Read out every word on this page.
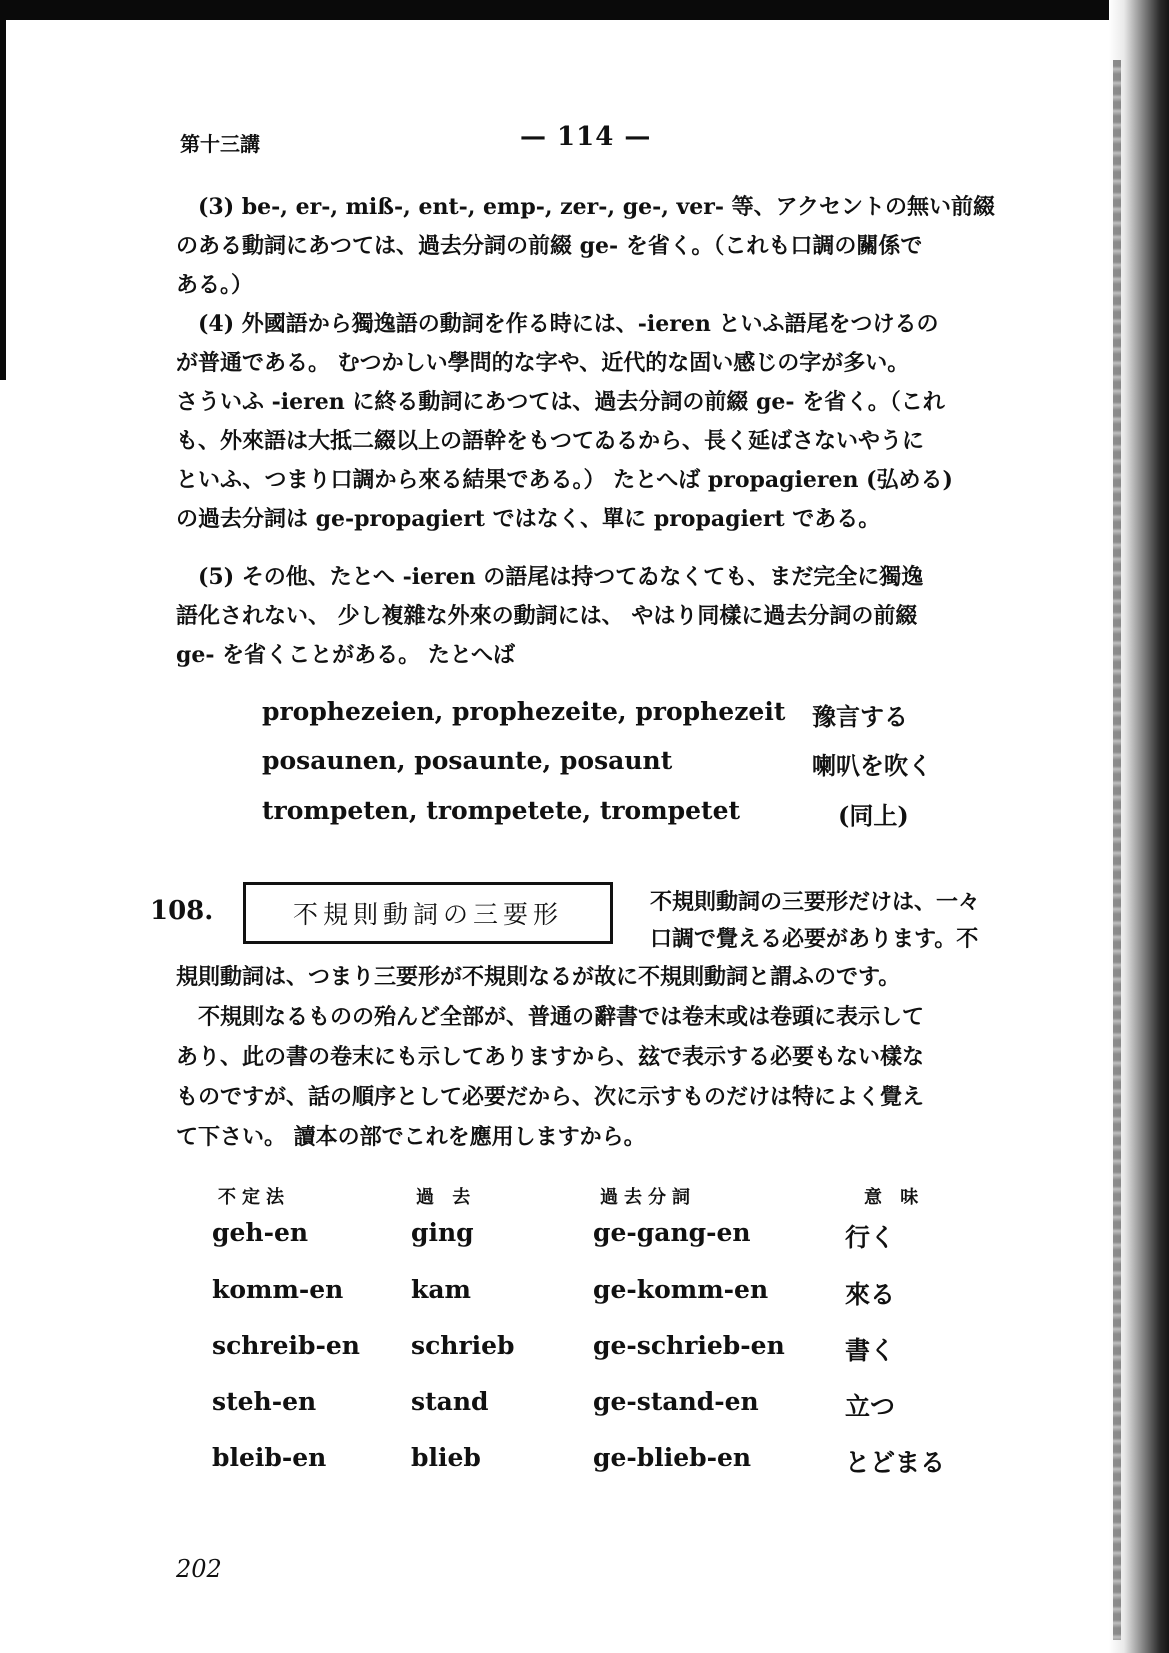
第十三講	— 114 —

(3) be-, er-, miß-, ent-, emp-, zer-, ge-, ver- 等、アクセントの無い前綴

のある動詞にあつては、過去分詞の前綴 ge- を省く。（これも口調の關係で

ある。）

(4) 外國語から獨逸語の動詞を作る時には、-ieren といふ語尾をつけるの

が普通である。 むつかしい學問的な字や、近代的な固い感じの字が多い。

さういふ -ieren に終る動詞にあつては、過去分詞の前綴 ge- を省く。（これ

も、外來語は大抵二綴以上の語幹をもつてゐるから、長く延ばさないやうに

といふ、つまり口調から來る結果である。） たとへば propagieren (弘める)

の過去分詞は ge-propagiert ではなく、單に propagiert である。

(5) その他、たとへ -ieren の語尾は持つてゐなくても、まだ完全に獨逸

語化されない、 少し複雜な外來の動詞には、 やはり同樣に過去分詞の前綴

ge- を省くことがある。 たとへば

prophezeien, prophezeite, prophezeit 豫言する
posaunen, posaunte, posaunt	喇叭を吹く
trompeten, trompetete, trompetet	(同上)
108.	不規則動詞の三要形	不規則動詞の三要形だけは、一々

口調で覺える必要があります。不

規則動詞は、つまり三要形が不規則なるが故に不規則動詞と謂ふのです。

不規則なるものの殆んど全部が、普通の辭書では卷末或は卷頭に表示して

あり、此の書の卷末にも示してありますから、玆で表示する必要もない樣な

ものですが、話の順序として必要だから、次に示すものだけは特によく覺え

て下さい。 讀本の部でこれを應用しますから。

不定法	過 去	過去分詞	意 味
geh-en	ging	ge-gang-en	行く
komm-en	kam	ge-komm-en	來る
schreib-en schrieb	ge-schrieb-en 書く
steh-en	stand	ge-stand-en	立つ
bleib-en	blieb	ge-blieb-en	とどまる
202
